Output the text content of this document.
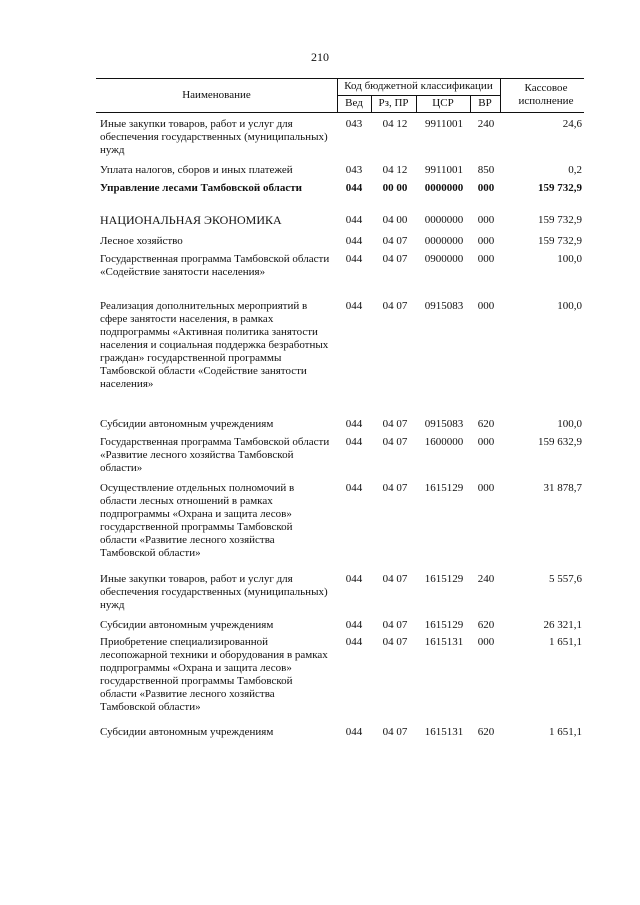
210
Наименование
Код бюджетной классификации
Вед	Рз, ПР	ЦСР	ВР
Кассовое исполнение
Иные закупки товаров, работ и услуг для обеспечения государственных (муниципальных) нужд
043	04 12	9911001	240	24,6
Уплата налогов, сборов и иных платежей	043	04 12	9911001	850	0,2
Управление лесами Тамбовской области	044	00 00	0000000	000	159 732,9
НАЦИОНАЛЬНАЯ ЭКОНОМИКА	044	04 00	0000000	000	159 732,9
Лесное хозяйство	044	04 07	0000000	000	159 732,9
Государственная программа Тамбовской области «Содействие занятости населения»
044	04 07	0900000	000	100,0
Реализация дополнительных мероприятий в сфере занятости населения, в рамках подпрограммы «Активная политика занятости населения и социальная поддержка безработных граждан» государственной программы Тамбовской области «Содействие занятости населения»
044	04 07	0915083	000	100,0
Субсидии автономным учреждениям	044	04 07	0915083	620	100,0
Государственная программа Тамбовской области «Развитие лесного хозяйства Тамбовской области»
044	04 07	1600000	000	159 632,9
Осуществление отдельных полномочий в области лесных отношений в рамках подпрограммы «Охрана и защита лесов» государственной программы Тамбовской области «Развитие лесного хозяйства Тамбовской области»
044	04 07	1615129	000	31 878,7
Иные закупки товаров, работ и услуг для обеспечения государственных (муниципальных) нужд
044	04 07	1615129	240	5 557,6
Субсидии автономным учреждениям	044	04 07	1615129	620	26 321,1
Приобретение специализированной лесопожарной техники и оборудования в рамках подпрограммы «Охрана и защита лесов» государственной программы Тамбовской области «Развитие лесного хозяйства Тамбовской области»
044	04 07	1615131	000	1 651,1
Субсидии автономным учреждениям	044	04 07	1615131	620	1 651,1
